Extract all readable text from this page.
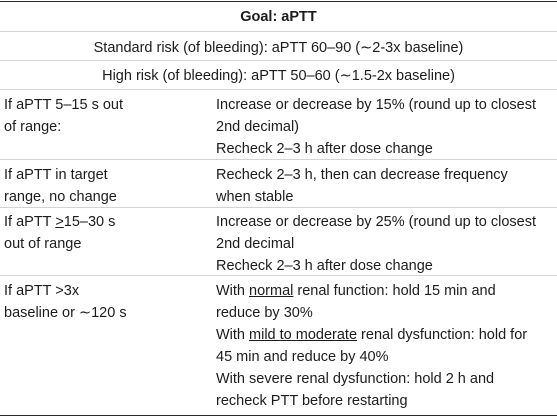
Goal: aPTT
Standard risk (of bleeding): aPTT 60–90 (∼2-3x baseline)
High risk (of bleeding): aPTT 50–60 (∼1.5-2x baseline)
If aPTT 5–15 s out
of range:
Increase or decrease by 15% (round up to closest
2nd decimal)
Recheck 2–3 h after dose change
If aPTT in target
range, no change
Recheck 2–3 h, then can decrease frequency
when stable
If aPTT >15–30 s
out of range
Increase or decrease by 25% (round up to closest
2nd decimal
Recheck 2–3 h after dose change
If aPTT >3x
baseline or ∼120 s
With normal renal function: hold 15 min and
reduce by 30%
With mild to moderate renal dysfunction: hold for
45 min and reduce by 40%
With severe renal dysfunction: hold 2 h and
recheck PTT before restarting
